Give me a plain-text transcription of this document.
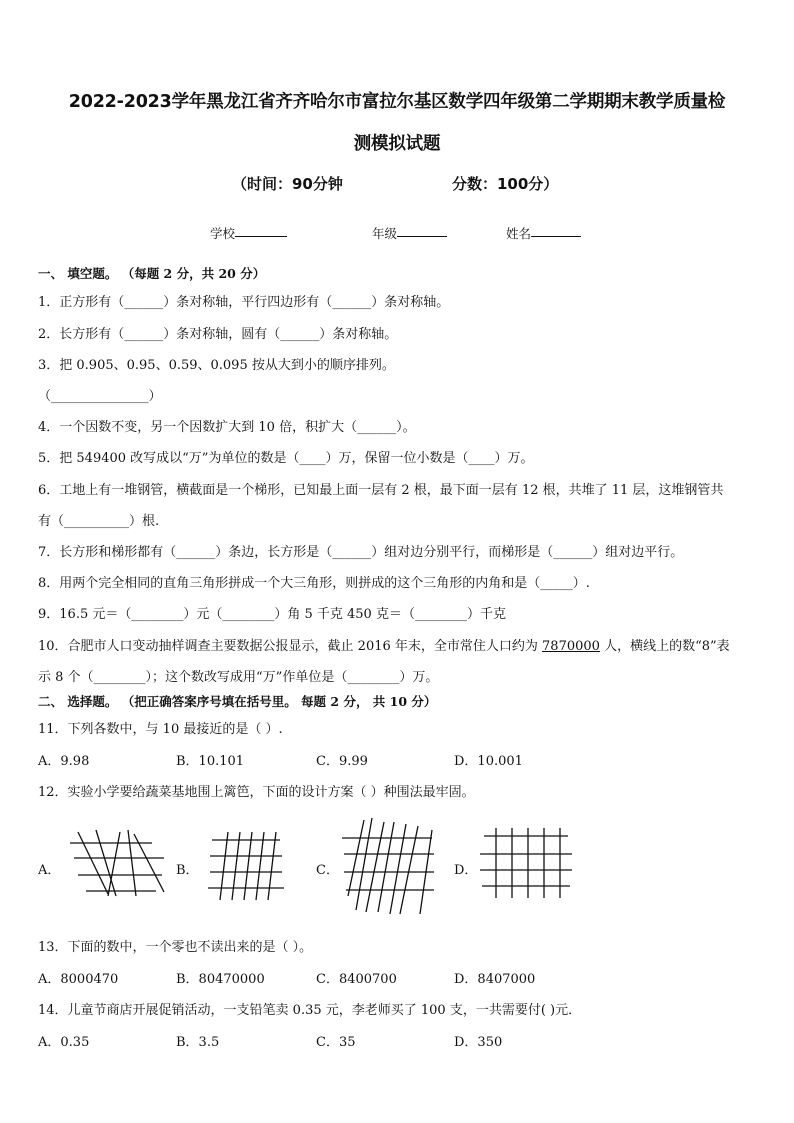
2022-2023学年黑龙江省齐齐哈尔市富拉尔基区数学四年级第二学期期末教学质量检
测模拟试题
（时间：90分钟	分数：100分）
学校	年级	姓名
一、 填空题。 （每题 2 分，共 20 分）
1．正方形有（______）条对称轴，平行四边形有（______）条对称轴。
2．长方形有（______）条对称轴，圆有（______）条对称轴。
3．把 0.905、0.95、0.59、0.095 按从大到小的顺序排列。
（_______________）
4．一个因数不变，另一个因数扩大到 10 倍，积扩大（______）。
5．把 549400 改写成以“万”为单位的数是（____）万，保留一位小数是（____）万。
6．工地上有一堆钢管，横截面是一个梯形，已知最上面一层有 2 根，最下面一层有 12 根，共堆了 11 层，这堆钢管共
有（__________）根.
7．长方形和梯形都有（______）条边，长方形是（______）组对边分别平行，而梯形是（______）组对边平行。
8．用两个完全相同的直角三角形拼成一个大三角形，则拼成的这个三角形的内角和是（_____）.
9．16.5 元＝（________）元（________）角 5 千克 450 克＝（________）千克
10．合肥市人口变动抽样调查主要数据公报显示，截止 2016 年末，全市常住人口约为 7870000 人，横线上的数“8”表
示 8 个（________）；这个数改写成用“万”作单位是（________）万。
二、 选择题。 （把正确答案序号填在括号里。 每题 2 分， 共 10 分）
11．下列各数中，与 10 最接近的是（ ）.
A．9.98	B．10.101	C．9.99	D．10.001
12．实验小学要给蔬菜基地围上篱笆，下面的设计方案（ ）种围法最牢固。
A．	B．	C．	D．
13．下面的数中，一个零也不读出来的是（ ）。
A．8000470	B．80470000	C．8400700	D．8407000
14．儿童节商店开展促销活动，一支铅笔卖 0.35 元，李老师买了 100 支，一共需要付( )元．
A．0.35	B．3.5	C．35	D．350
